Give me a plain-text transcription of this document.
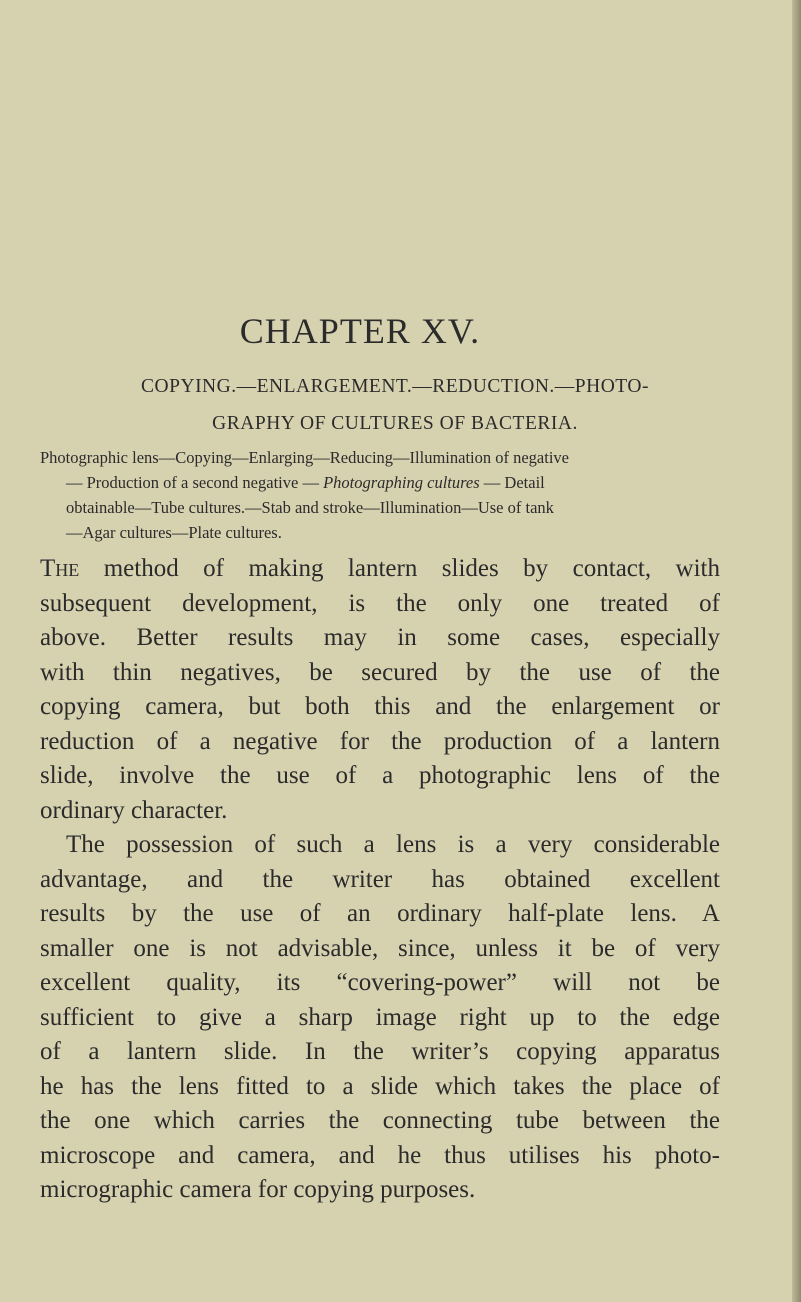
CHAPTER XV.
COPYING.—ENLARGEMENT.—REDUCTION.—PHOTO-
GRAPHY OF CULTURES OF BACTERIA.
Photographic lens—Copying—Enlarging—Reducing—Illumination of negative
— Production of a second negative — Photographing cultures — Detail
obtainable—Tube cultures.—Stab and stroke—Illumination—Use of tank
—Agar cultures—Plate cultures.
The method of making lantern slides by contact, with
subsequent development, is the only one treated of
above. Better results may in some cases, especially
with thin negatives, be secured by the use of the
copying camera, but both this and the enlargement or
reduction of a negative for the production of a lantern
slide, involve the use of a photographic lens of the
ordinary character.
The possession of such a lens is a very considerable
advantage, and the writer has obtained excellent
results by the use of an ordinary half-plate lens. A
smaller one is not advisable, since, unless it be of very
excellent quality, its “covering-power” will not be
sufficient to give a sharp image right up to the edge
of a lantern slide. In the writer’s copying apparatus
he has the lens fitted to a slide which takes the place of
the one which carries the connecting tube between the
microscope and camera, and he thus utilises his photo-
micrographic camera for copying purposes.
